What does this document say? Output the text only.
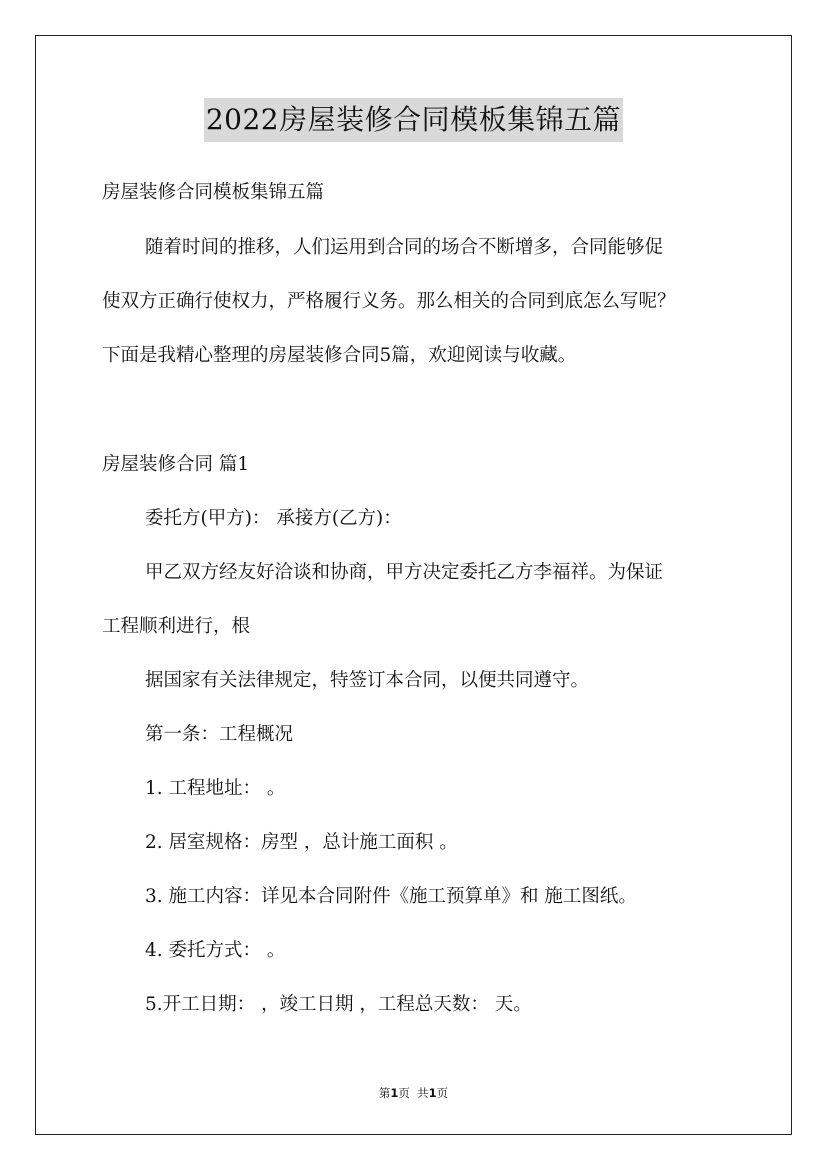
2022房屋装修合同模板集锦五篇
房屋装修合同模板集锦五篇
随着时间的推移，人们运用到合同的场合不断增多，合同能够促
使双方正确行使权力，严格履行义务。那么相关的合同到底怎么写呢？
下面是我精心整理的房屋装修合同5篇，欢迎阅读与收藏。
房屋装修合同 篇1
委托方(甲方)： 承接方(乙方)：
甲乙双方经友好洽谈和协商，甲方决定委托乙方李福祥。为保证
工程顺利进行，根
据国家有关法律规定，特签订本合同，以便共同遵守。
第一条：工程概况
1. 工程地址： 。
2. 居室规格：房型 ，总计施工面积 。
3. 施工内容：详见本合同附件《施工预算单》和 施工图纸。
4. 委托方式： 。
5.开工日期： ，竣工日期 ，工程总天数： 天。
第1页 共1页
